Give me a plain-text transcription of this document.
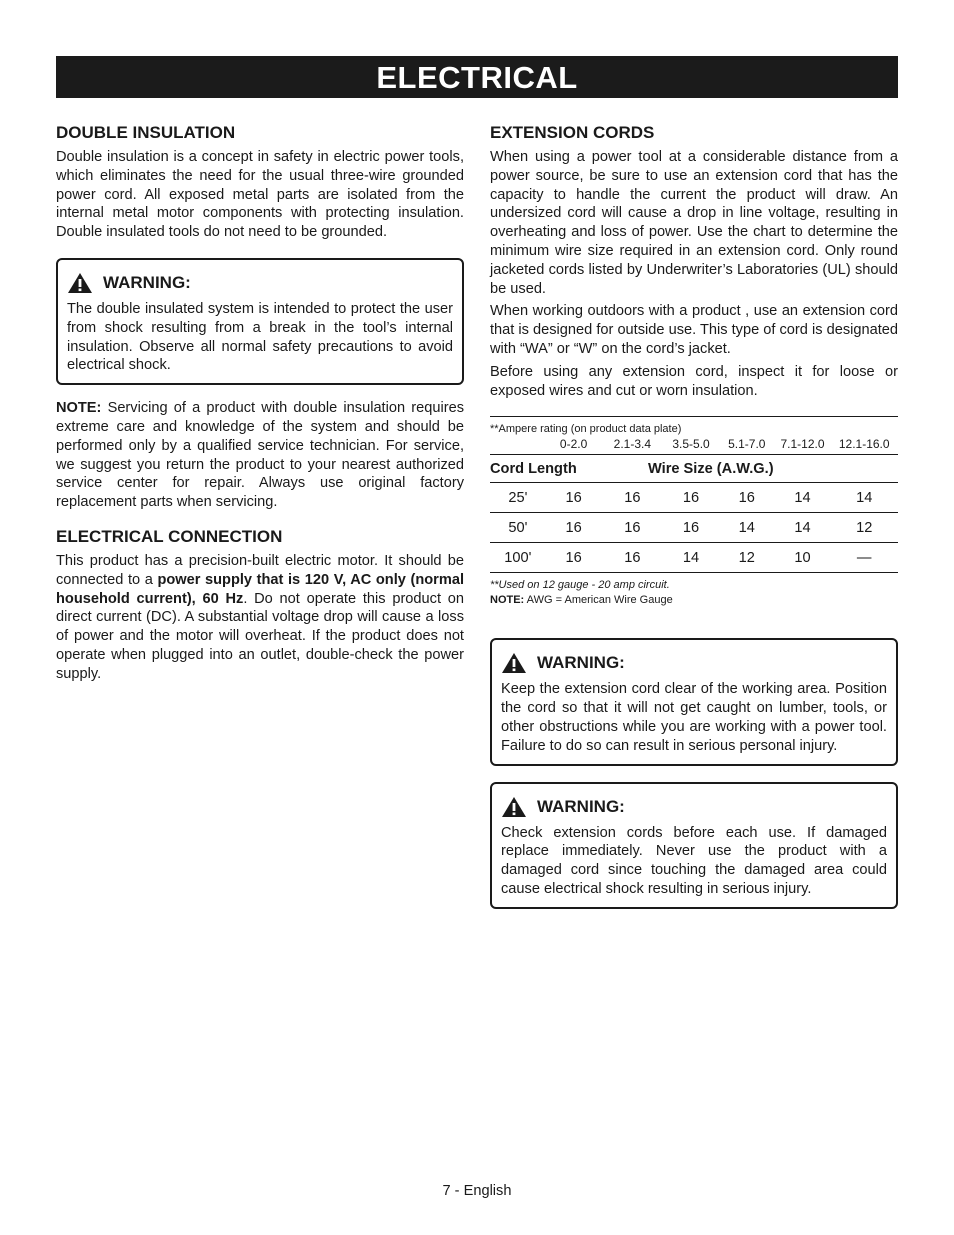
ELECTRICAL
DOUBLE INSULATION

Double insulation is a concept in safety in electric power tools, which eliminates the need for the usual three-wire grounded power cord. All exposed metal parts are isolated from the internal metal motor components with protecting insulation. Double insulated tools do not need to be grounded.

WARNING:

The double insulated system is intended to protect the user from shock resulting from a break in the tool’s internal insulation. Observe all normal safety precautions to avoid electrical shock.

NOTE: Servicing of a product with double insulation requires extreme care and knowledge of the system and should be performed only by a qualified service technician. For service, we suggest you return the product to your nearest authorized service center for repair. Always use original factory replacement parts when servicing.

ELECTRICAL CONNECTION

This product has a precision-built electric motor. It should be connected to a power supply that is 120 V, AC only (normal household current), 60 Hz. Do not operate this product on direct current (DC). A substantial voltage drop will cause a loss of power and the motor will overheat. If the product does not operate when plugged into an outlet, double-check the power supply.

EXTENSION CORDS

When using a power tool at a considerable distance from a power source, be sure to use an extension cord that has the capacity to handle the current the product will draw. An undersized cord will cause a drop in line voltage, resulting in overheating and loss of power. Use the chart to determine the minimum wire size required in an extension cord. Only round jacketed cords listed by Underwriter’s Laboratories (UL) should be used.

When working outdoors with a product , use an extension cord that is designed for outside use. This type of cord is designated with “WA” or “W” on the cord’s jacket.

Before using any extension cord, inspect it for loose or exposed wires and cut or worn insulation.

**Ampere rating (on product data plate)
0-2.0	2.1-3.4	3.5-5.0	5.1-7.0	7.1-12.0	12.1-16.0
Cord Length	Wire Size (A.W.G.)
25'	16	16	16	16	14	14
50'	16	16	16	14	14	12
100'	16	16	14	12	10	—
**Used on 12 gauge - 20 amp circuit.
NOTE: AWG = American Wire Gauge
WARNING:

Keep the extension cord clear of the working area. Position the cord so that it will not get caught on lumber, tools, or other obstructions while you are working with a power tool. Failure to do so can result in serious personal injury.

WARNING:

Check extension cords before each use. If damaged replace immediately. Never use the product with a damaged cord since touching the damaged area could cause electrical shock resulting in serious injury.

7 - English
